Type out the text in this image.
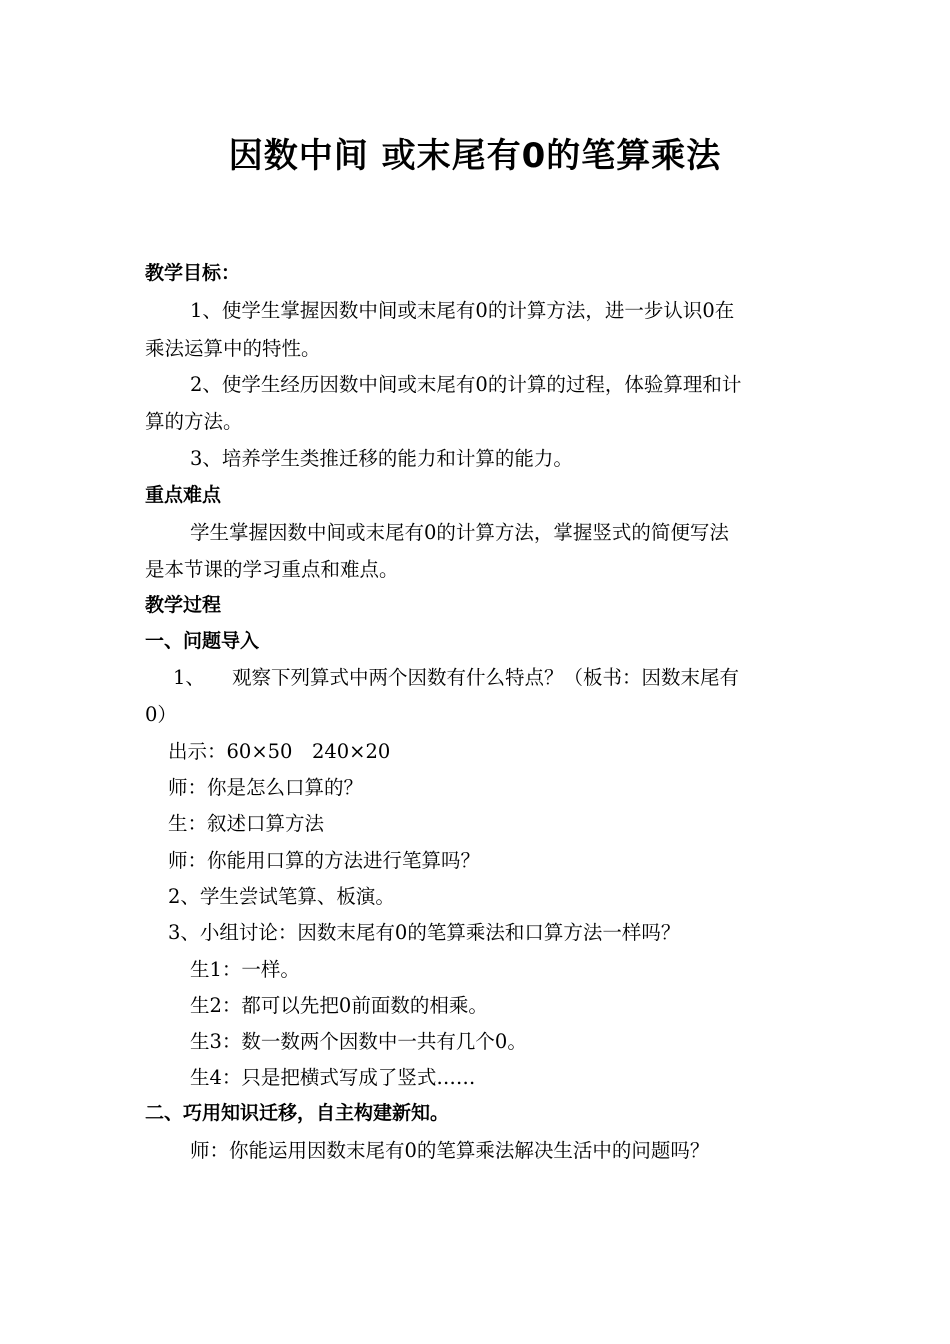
因数中间 或末尾有0的笔算乘法
教学目标：
1、使学生掌握因数中间或末尾有0的计算方法，进一步认识0在
乘法运算中的特性。
2、使学生经历因数中间或末尾有0的计算的过程，体验算理和计
算的方法。
3、培养学生类推迁移的能力和计算的能力。
重点难点
学生掌握因数中间或末尾有0的计算方法，掌握竖式的简便写法
是本节课的学习重点和难点。
教学过程
一、问题导入
1、 观察下列算式中两个因数有什么特点？（板书：因数末尾有
0）
出示：60×50　240×20
师：你是怎么口算的？
生：叙述口算方法
师：你能用口算的方法进行笔算吗？
2、学生尝试笔算、板演。
3、小组讨论：因数末尾有0的笔算乘法和口算方法一样吗？
生1：一样。
生2：都可以先把0前面数的相乘。
生3：数一数两个因数中一共有几个0。
生4：只是把横式写成了竖式……
二、巧用知识迁移，自主构建新知。
师：你能运用因数末尾有0的笔算乘法解决生活中的问题吗？
